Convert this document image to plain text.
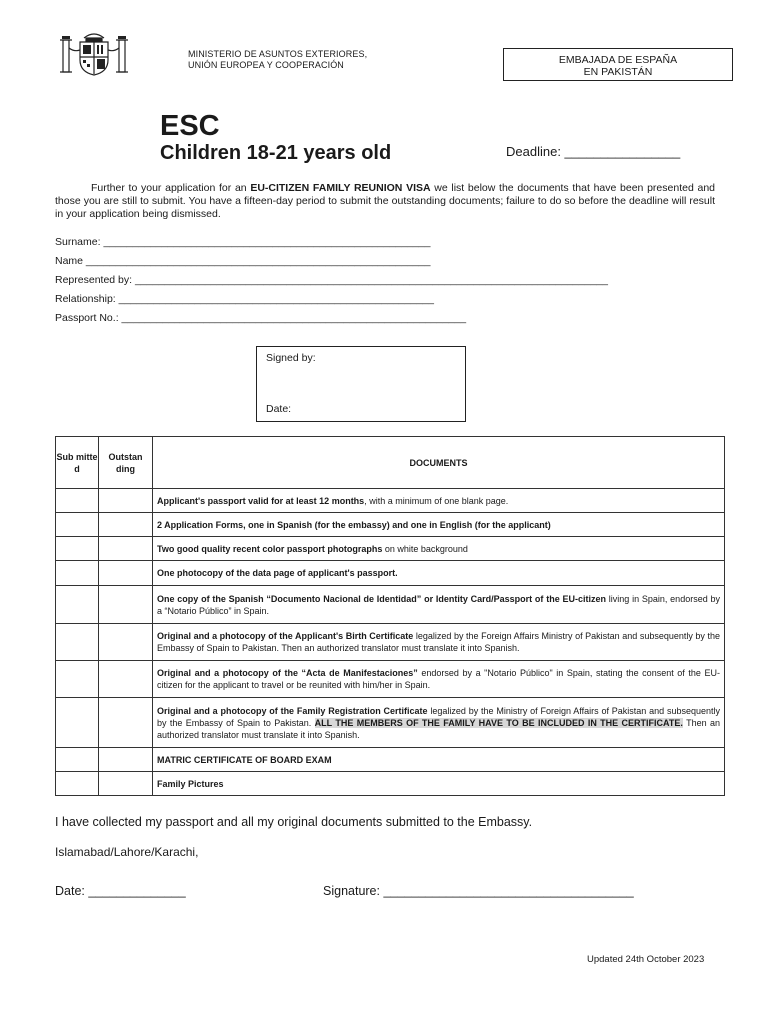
MINISTERIO DE ASUNTOS EXTERIORES,
UNIÓN EUROPEA Y COOPERACIÓN	EMBAJADA DE ESPAÑA
EN PAKISTÁN
ESC
Children 18-21 years old	Deadline: ________________

Further to your application for an EU-CITIZEN FAMILY REUNION VISA we list below the documents that have been presented and those you are still to submit. You have a fifteen-day period to submit the outstanding documents; failure to do so before the deadline will result in your application being dismissed.

Surname: ________________________________________________________
Name ___________________________________________________________
Represented by: _________________________________________________________________________________
Relationship: ______________________________________________________
Passport No.: ___________________________________________________________
Signed by:
Date:
Sub mitte d	Outstan ding	DOCUMENTS
		Applicant's passport valid for at least 12 months, with a minimum of one blank page.
		2 Application Forms, one in Spanish (for the embassy) and one in English (for the applicant)
		Two good quality recent color passport photographs on white background
		One photocopy of the data page of applicant's passport.
		One copy of the Spanish “Documento Nacional de Identidad” or Identity Card/Passport of the EU-citizen living in Spain, endorsed by a “Notario Público” in Spain.
		Original and a photocopy of the Applicant's Birth Certificate legalized by the Foreign Affairs Ministry of Pakistan and subsequently by the Embassy of Spain to Pakistan. Then an authorized translator must translate it into Spanish.
		Original and a photocopy of the “Acta de Manifestaciones” endorsed by a "Notario Público" in Spain, stating the consent of the EU-citizen for the applicant to travel or be reunited with him/her in Spain.
		Original and a photocopy of the Family Registration Certificate legalized by the Ministry of Foreign Affairs of Pakistan and subsequently by the Embassy of Spain to Pakistan. ALL THE MEMBERS OF THE FAMILY HAVE TO BE INCLUDED IN THE CERTIFICATE. Then an authorized translator must translate it into Spanish.
		MATRIC CERTIFICATE OF BOARD EXAM
		Family Pictures
I have collected my passport and all my original documents submitted to the Embassy.
Islamabad/Lahore/Karachi,
Date: ______________	Signature: ____________________________________
Updated 24th October 2023
